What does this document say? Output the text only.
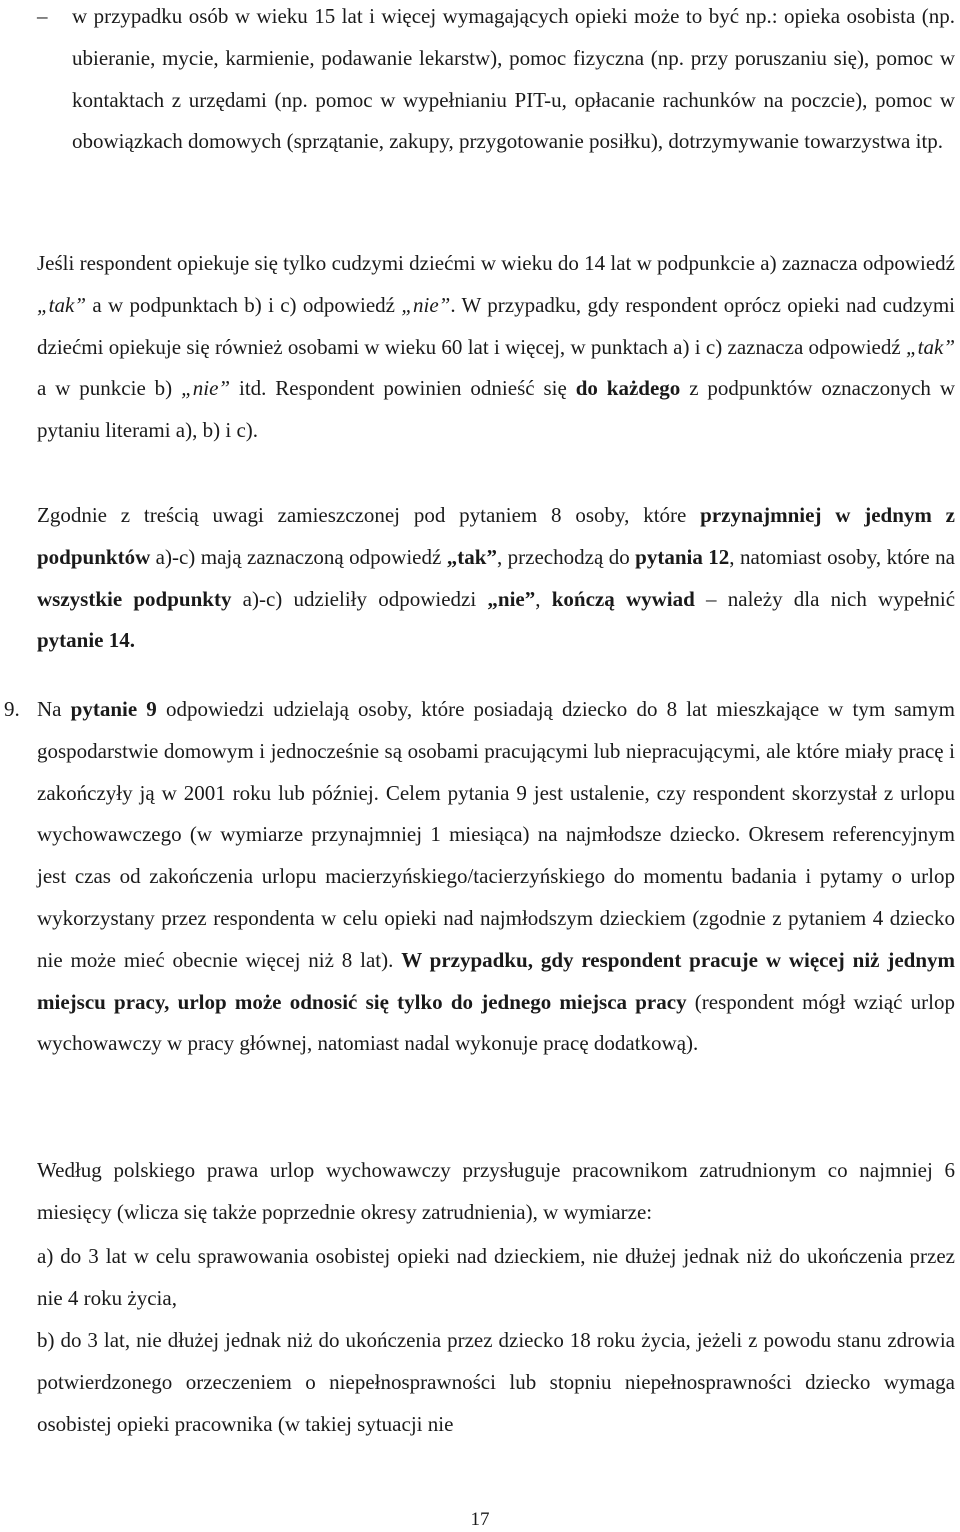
–	w przypadku osób w wieku 15 lat i więcej wymagających opieki może to być np.: opieka osobista (np. ubieranie, mycie, karmienie, podawanie lekarstw), pomoc fizyczna (np. przy poruszaniu się), pomoc w kontaktach z urzędami (np. pomoc w wypełnianiu PIT-u, opłacanie rachunków na poczcie), pomoc w obowiązkach domowych (sprzątanie, zakupy, przygotowanie posiłku), dotrzymywanie towarzystwa itp.

Jeśli respondent opiekuje się tylko cudzymi dziećmi w wieku do 14 lat w podpunkcie a) zaznacza odpowiedź „tak” a w podpunktach b) i c) odpowiedź „nie”. W przypadku, gdy respondent oprócz opieki nad cudzymi dziećmi opiekuje się również osobami w wieku 60 lat i więcej, w punktach a) i c) zaznacza odpowiedź „tak” a w punkcie b) „nie” itd. Respondent powinien odnieść się do każdego z podpunktów oznaczonych w pytaniu literami a), b) i c).

Zgodnie z treścią uwagi zamieszczonej pod pytaniem 8 osoby, które przynajmniej w jednym z podpunktów a)-c) mają zaznaczoną odpowiedź „tak”, przechodzą do pytania 12, natomiast osoby, które na wszystkie podpunkty a)-c) udzieliły odpowiedzi „nie”, kończą wywiad – należy dla nich wypełnić pytanie 14.

9. Na pytanie 9 odpowiedzi udzielają osoby, które posiadają dziecko do 8 lat mieszkające w tym samym gospodarstwie domowym i jednocześnie są osobami pracującymi lub niepracującymi, ale które miały pracę i zakończyły ją w 2001 roku lub później. Celem pytania 9 jest ustalenie, czy respondent skorzystał z urlopu wychowawczego (w wymiarze przynajmniej 1 miesiąca) na najmłodsze dziecko. Okresem referencyjnym jest czas od zakończenia urlopu macierzyńskiego/tacierzyńskiego do momentu badania i pytamy o urlop wykorzystany przez respondenta w celu opieki nad najmłodszym dzieckiem (zgodnie z pytaniem 4 dziecko nie może mieć obecnie więcej niż 8 lat). W przypadku, gdy respondent pracuje w więcej niż jednym miejscu pracy, urlop może odnosić się tylko do jednego miejsca pracy (respondent mógł wziąć urlop wychowawczy w pracy głównej, natomiast nadal wykonuje pracę dodatkową).

Według polskiego prawa urlop wychowawczy przysługuje pracownikom zatrudnionym co najmniej 6 miesięcy (wlicza się także poprzednie okresy zatrudnienia), w wymiarze:

a) do 3 lat w celu sprawowania osobistej opieki nad dzieckiem, nie dłużej jednak niż do ukończenia przez nie 4 roku życia,

b) do 3 lat, nie dłużej jednak niż do ukończenia przez dziecko 18 roku życia, jeżeli z powodu stanu zdrowia potwierdzonego orzeczeniem o niepełnosprawności lub stopniu niepełnosprawności dziecko wymaga osobistej opieki pracownika (w takiej sytuacji nie

17
